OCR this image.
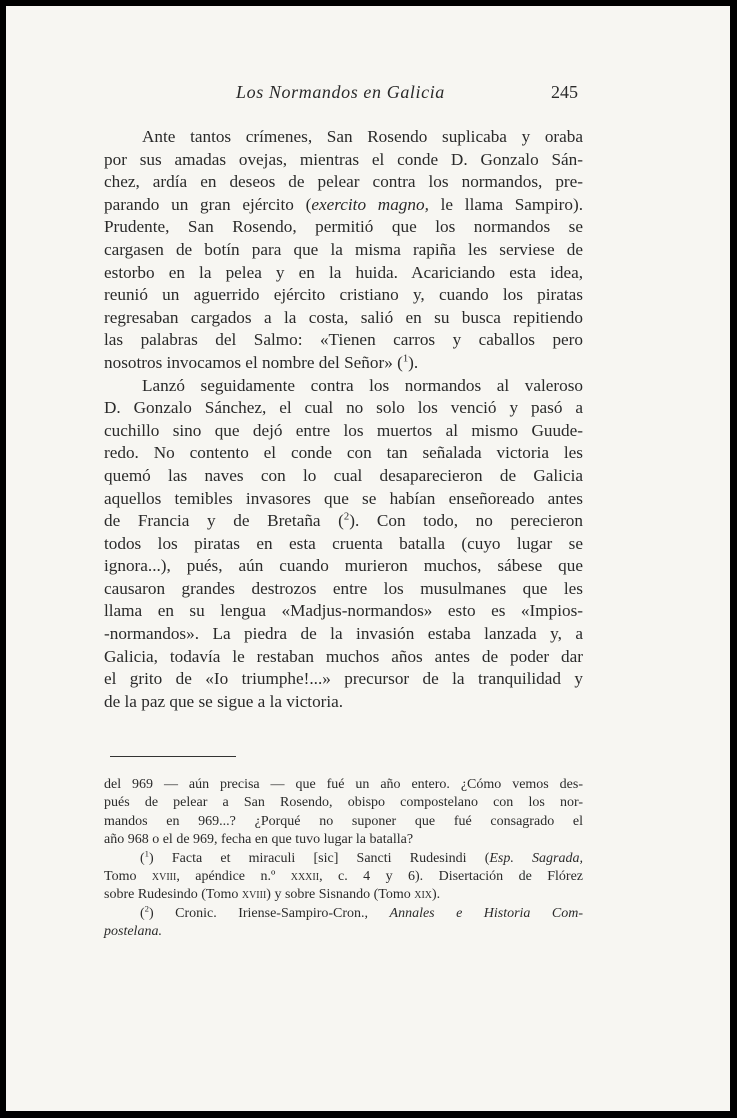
Los Normandos en Galicia	245
Ante tantos crímenes, San Rosendo suplicaba y oraba
por sus amadas ovejas, mientras el conde D. Gonzalo Sán-
chez, ardía en deseos de pelear contra los normandos, pre-
parando un gran ejército (exercito magno, le llama Sampiro).
Prudente, San Rosendo, permitió que los normandos se
cargasen de botín para que la misma rapiña les serviese de
estorbo en la pelea y en la huida. Acariciando esta idea,
reunió un aguerrido ejército cristiano y, cuando los piratas
regresaban cargados a la costa, salió en su busca repitiendo
las palabras del Salmo: «Tienen carros y caballos pero
nosotros invocamos el nombre del Señor» ($^1$).
Lanzó seguidamente contra los normandos al valeroso
D. Gonzalo Sánchez, el cual no solo los venció y pasó a
cuchillo sino que dejó entre los muertos al mismo Guude-
redo. No contento el conde con tan señalada victoria les
quemó las naves con lo cual desaparecieron de Galicia
aquellos temibles invasores que se habían enseñoreado antes
de Francia y de Bretaña ($^2$). Con todo, no perecieron
todos los piratas en esta cruenta batalla (cuyo lugar se
ignora...), pués, aún cuando murieron muchos, sábese que
causaron grandes destrozos entre los musulmanes que les
llama en su lengua «Madjus-normandos» esto es «Impios-
-normandos». La piedra de la invasión estaba lanzada y, a
Galicia, todavía le restaban muchos años antes de poder dar
el grito de «Io triumphe!...» precursor de la tranquilidad y
de la paz que se sigue a la victoria.
del 969 — aún precisa — que fué un año entero. ¿Cómo vemos des-
pués de pelear a San Rosendo, obispo compostelano con los nor-
mandos en 969...? ¿Porqué no suponer que fué consagrado el
año 968 o el de 969, fecha en que tuvo lugar la batalla?
($^1$) Facta et miraculi [sic] Sancti Rudesindi (Esp. Sagrada,
Tomo xviii, apéndice n.º xxxii, c. 4 y 6). Disertación de Flórez
sobre Rudesindo (Tomo xviii) y sobre Sisnando (Tomo xix).
($^2$) Cronic. Iriense-Sampiro-Cron., Annales e Historia Com-
postelana.
